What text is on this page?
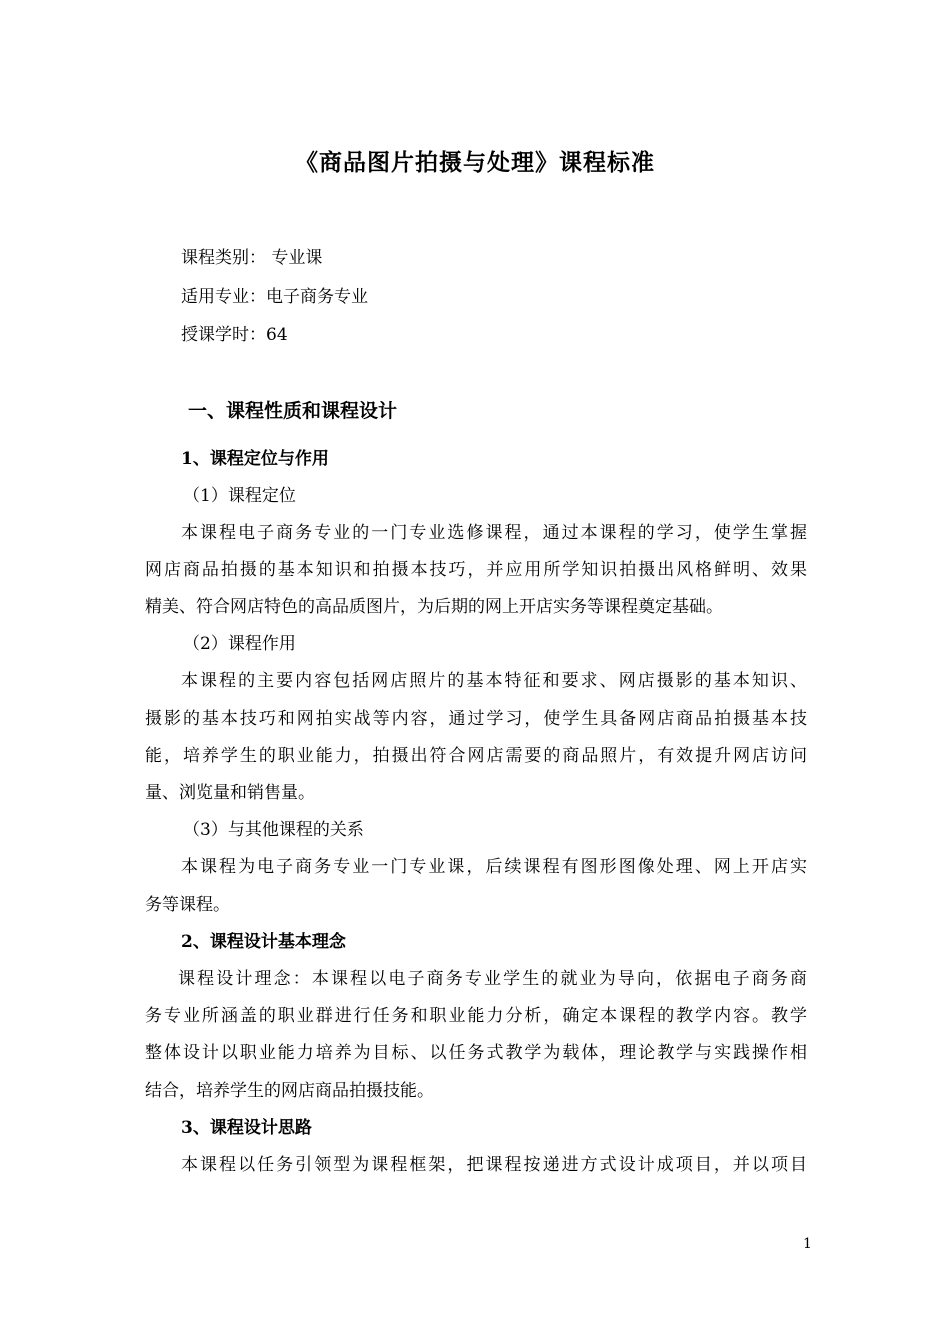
《商品图片拍摄与处理》课程标准
课程类别： 专业课
适用专业：电子商务专业
授课学时：64
一、课程性质和课程设计
1、课程定位与作用
（1）课程定位
本课程电子商务专业的一门专业选修课程，通过本课程的学习，使学生掌握
网店商品拍摄的基本知识和拍摄本技巧，并应用所学知识拍摄出风格鲜明、效果
精美、符合网店特色的高品质图片，为后期的网上开店实务等课程奠定基础。
（2）课程作用
本课程的主要内容包括网店照片的基本特征和要求、网店摄影的基本知识、
摄影的基本技巧和网拍实战等内容，通过学习，使学生具备网店商品拍摄基本技
能，培养学生的职业能力，拍摄出符合网店需要的商品照片，有效提升网店访问
量、浏览量和销售量。
（3）与其他课程的关系
本课程为电子商务专业一门专业课，后续课程有图形图像处理、网上开店实
务等课程。
2、课程设计基本理念
课程设计理念：本课程以电子商务专业学生的就业为导向，依据电子商务商
务专业所涵盖的职业群进行任务和职业能力分析，确定本课程的教学内容。教学
整体设计以职业能力培养为目标、以任务式教学为载体，理论教学与实践操作相
结合，培养学生的网店商品拍摄技能。
3、课程设计思路
本课程以任务引领型为课程框架，把课程按递进方式设计成项目，并以项目
1
